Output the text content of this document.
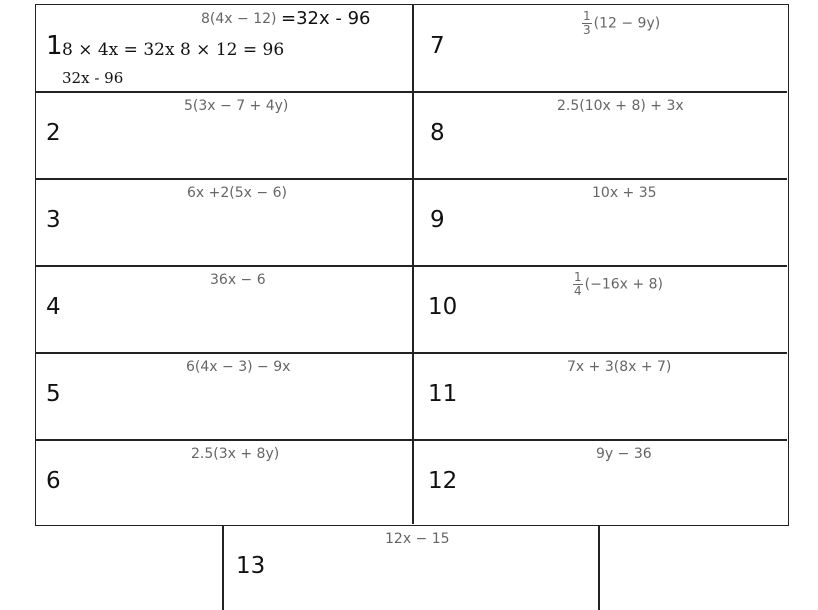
1
8(4x − 12) =32x - 96
8 × 4x = 32x 8 × 12 = 96
32x - 96
2
5(3x − 7 + 4y)
3
6x +2(5x − 6)
4
36x − 6
5
6(4x − 3) − 9x
6
2.5(3x + 8y)
7
$\frac{1}{3} (12 - 9y)$
8
2.5(10x + 8) + 3x
9
10x + 35
10
$\frac{1}{4} (-16x + 8)$
11
7x + 3(8x + 7)
12
9y − 36
13
12x − 15
